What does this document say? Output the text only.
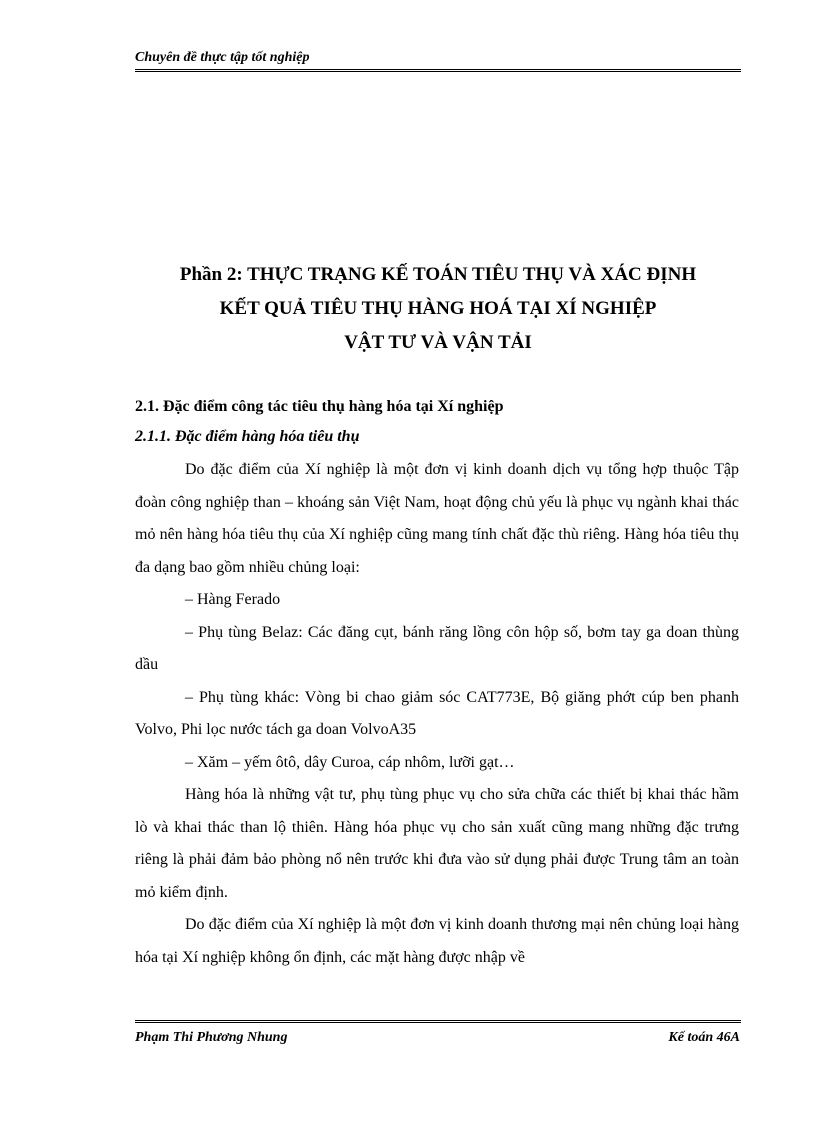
Chuyên đề thực tập tốt nghiệp
Phần 2: THỰC TRẠNG KẾ TOÁN TIÊU THỤ VÀ XÁC ĐỊNH
KẾT QUẢ TIÊU THỤ HÀNG HOÁ TẠI XÍ NGHIỆP
VẬT TƯ VÀ VẬN TẢI
2.1. Đặc điểm công tác tiêu thụ hàng hóa tại Xí nghiệp
2.1.1. Đặc điểm hàng hóa tiêu thụ

Do đặc điểm của Xí nghiệp là một đơn vị kinh doanh dịch vụ tổng hợp thuộc Tập đoàn công nghiệp than – khoáng sản Việt Nam, hoạt động chủ yếu là phục vụ ngành khai thác mỏ nên hàng hóa tiêu thụ của Xí nghiệp cũng mang tính chất đặc thù riêng. Hàng hóa tiêu thụ đa dạng bao gồm nhiều chủng loại:

– Hàng Ferado

– Phụ tùng Belaz: Các đăng cụt, bánh răng lồng côn hộp số, bơm tay ga doan thùng dầu

– Phụ tùng khác: Vòng bi chao giảm sóc CAT773E, Bộ giăng phớt cúp ben phanh Volvo, Phi lọc nước tách ga doan VolvoA35

– Xăm – yếm ôtô, dây Curoa, cáp nhôm, lưỡi gạt…

Hàng hóa là những vật tư, phụ tùng phục vụ cho sửa chữa các thiết bị khai thác hầm lò và khai thác than lộ thiên. Hàng hóa phục vụ cho sản xuất cũng mang những đặc trưng riêng là phải đảm bảo phòng nổ nên trước khi đưa vào sử dụng phải được Trung tâm an toàn mỏ kiểm định.

Do đặc điểm của Xí nghiệp là một đơn vị kinh doanh thương mại nên chủng loại hàng hóa tại Xí nghiệp không ổn định, các mặt hàng được nhập về

Phạm Thi Phương Nhung	Kế toán 46A
